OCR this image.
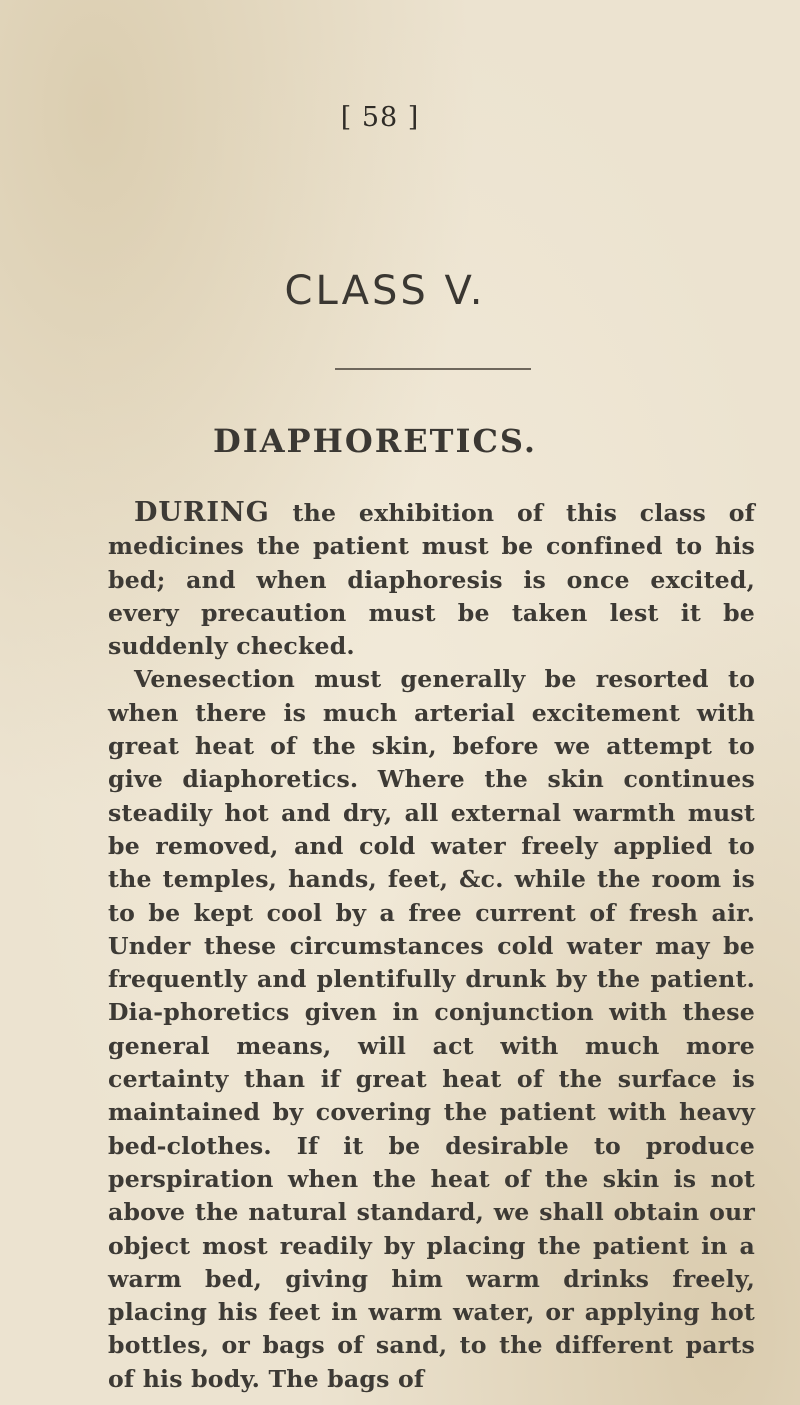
[ 58 ]
CLASS V.
DIAPHORETICS.

DURING the exhibition of this class of medicines the patient must be confined to his bed; and when diaphoresis is once excited, every precaution must be taken lest it be suddenly checked.

Venesection must generally be resorted to when there is much arterial excitement with great heat of the skin, before we attempt to give diaphoretics. Where the skin continues steadily hot and dry, all external warmth must be removed, and cold water freely applied to the temples, hands, feet, &c. while the room is to be kept cool by a free current of fresh air. Under these circumstances cold water may be frequently and plentifully drunk by the patient. Dia-phoretics given in conjunction with these general means, will act with much more certainty than if great heat of the surface is maintained by covering the patient with heavy bed-clothes. If it be desirable to produce perspiration when the heat of the skin is not above the natural standard, we shall obtain our object most readily by placing the patient in a warm bed, giving him warm drinks freely, placing his feet in warm water, or applying hot bottles, or bags of sand, to the different parts of his body. The bags of
